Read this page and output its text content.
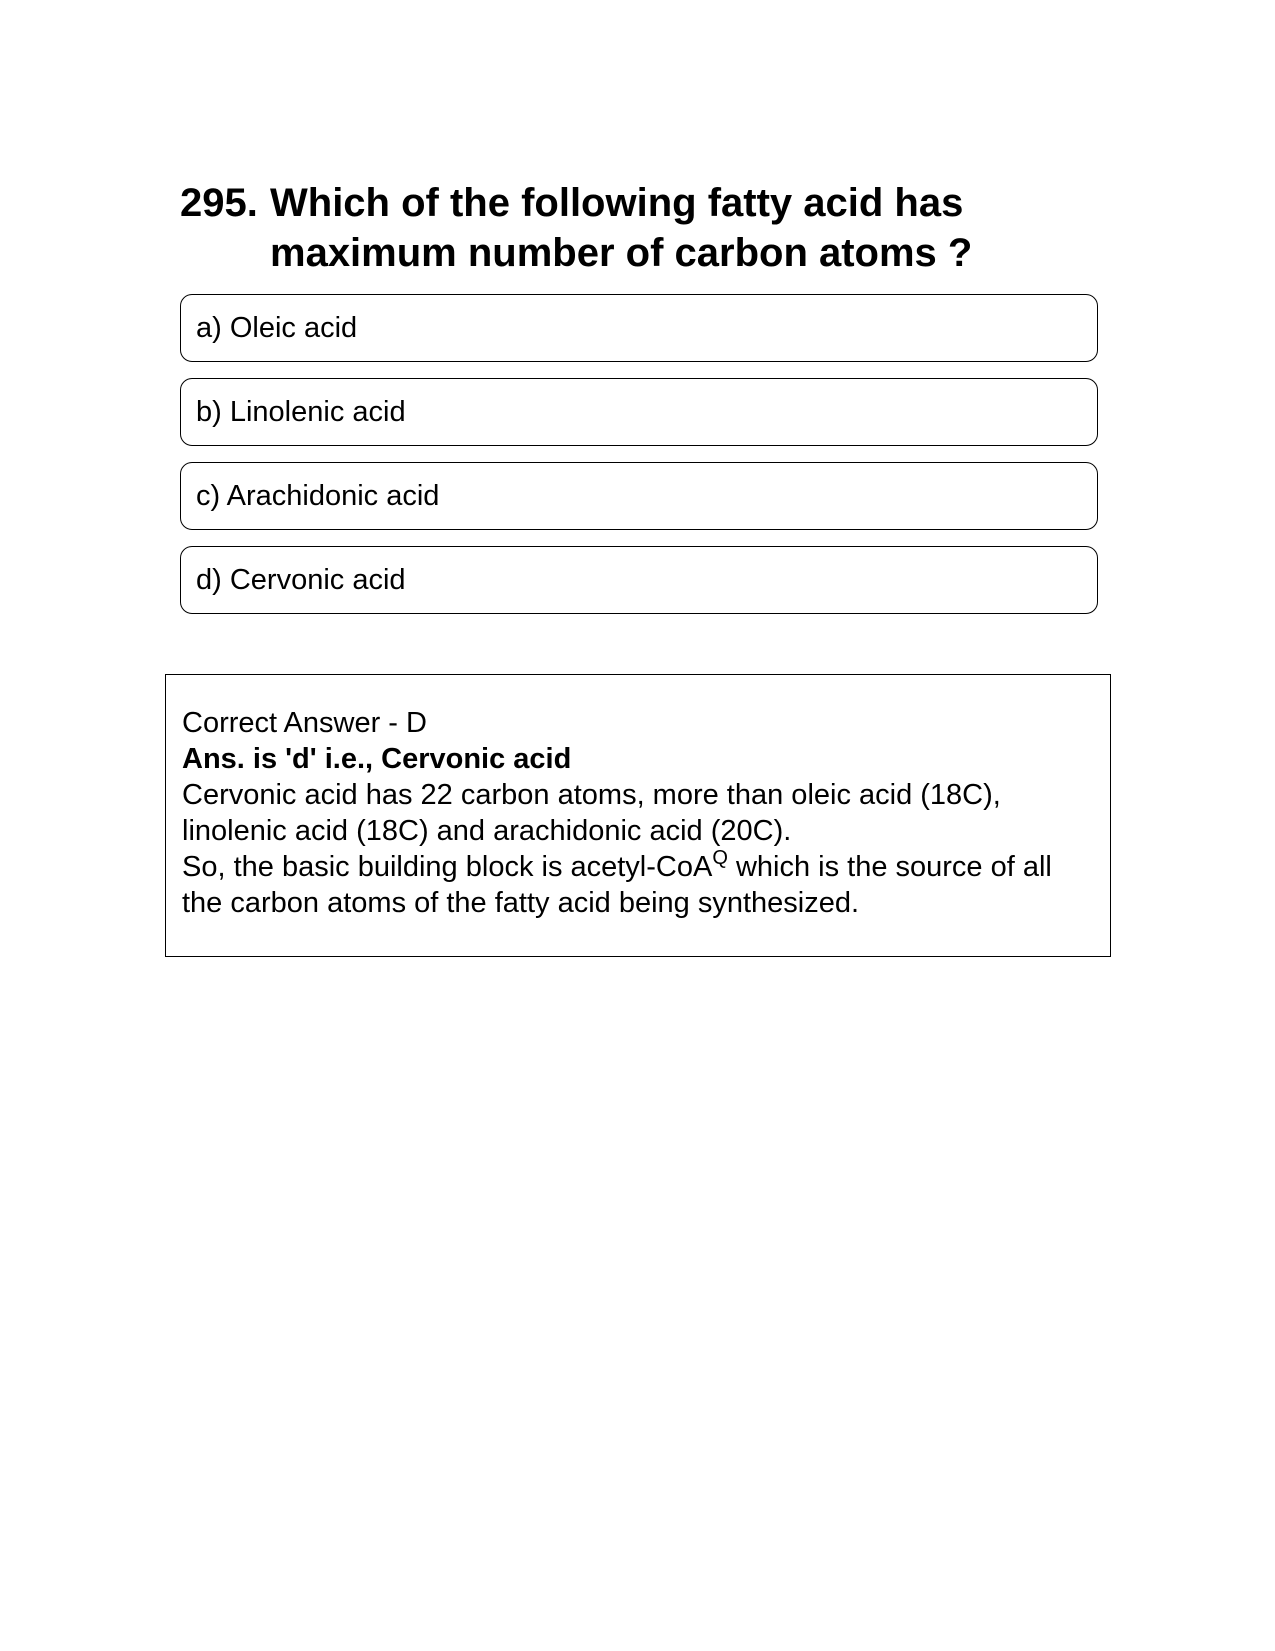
295. Which of the following fatty acid has maximum number of carbon atoms ?
a) Oleic acid
b) Linolenic acid
c) Arachidonic acid
d) Cervonic acid

Correct Answer - D

Ans. is 'd' i.e., Cervonic acid

Cervonic acid has 22 carbon atoms, more than oleic acid (18C), linolenic acid (18C) and arachidonic acid (20C).

So, the basic building block is acetyl-CoA$^Q$ which is the source of all the carbon atoms of the fatty acid being synthesized.
